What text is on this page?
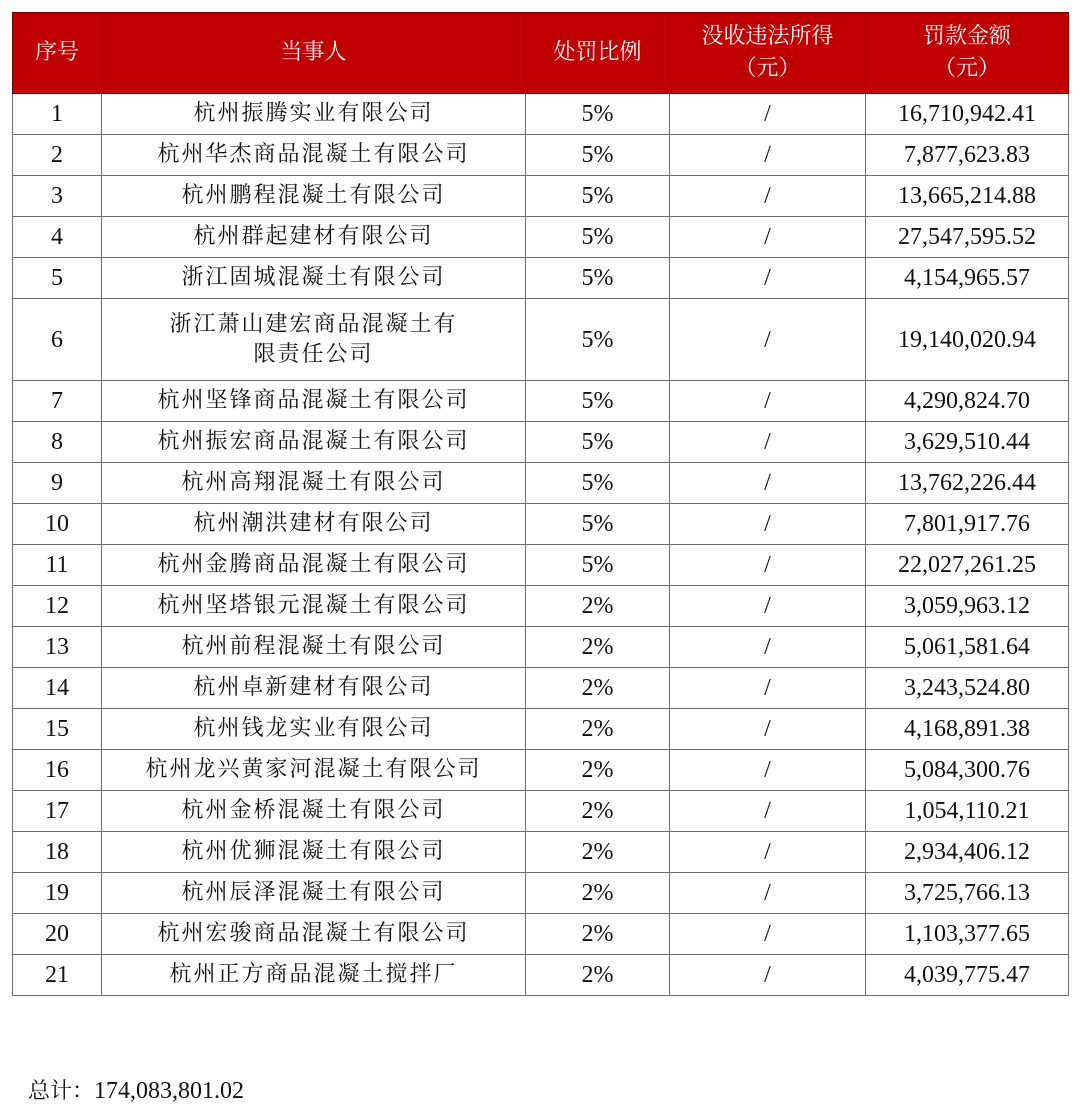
序号	当事人	处罚比例	没收违法所得（元）	罚款金额（元）
1	杭州振腾实业有限公司	5%	/	16,710,942.41
2	杭州华杰商品混凝土有限公司	5%	/	7,877,623.83
3	杭州鹏程混凝土有限公司	5%	/	13,665,214.88
4	杭州群起建材有限公司	5%	/	27,547,595.52
5	浙江固城混凝土有限公司	5%	/	4,154,965.57
6	浙江萧山建宏商品混凝土有限责任公司	5%	/	19,140,020.94
7	杭州坚锋商品混凝土有限公司	5%	/	4,290,824.70
8	杭州振宏商品混凝土有限公司	5%	/	3,629,510.44
9	杭州高翔混凝土有限公司	5%	/	13,762,226.44
10	杭州潮洪建材有限公司	5%	/	7,801,917.76
11	杭州金腾商品混凝土有限公司	5%	/	22,027,261.25
12	杭州坚塔银元混凝土有限公司	2%	/	3,059,963.12
13	杭州前程混凝土有限公司	2%	/	5,061,581.64
14	杭州卓新建材有限公司	2%	/	3,243,524.80
15	杭州钱龙实业有限公司	2%	/	4,168,891.38
16	杭州龙兴黄家河混凝土有限公司	2%	/	5,084,300.76
17	杭州金桥混凝土有限公司	2%	/	1,054,110.21
18	杭州优狮混凝土有限公司	2%	/	2,934,406.12
19	杭州辰泽混凝土有限公司	2%	/	3,725,766.13
20	杭州宏骏商品混凝土有限公司	2%	/	1,103,377.65
21	杭州正方商品混凝土搅拌厂	2%	/	4,039,775.47
总计：174,083,801.02
